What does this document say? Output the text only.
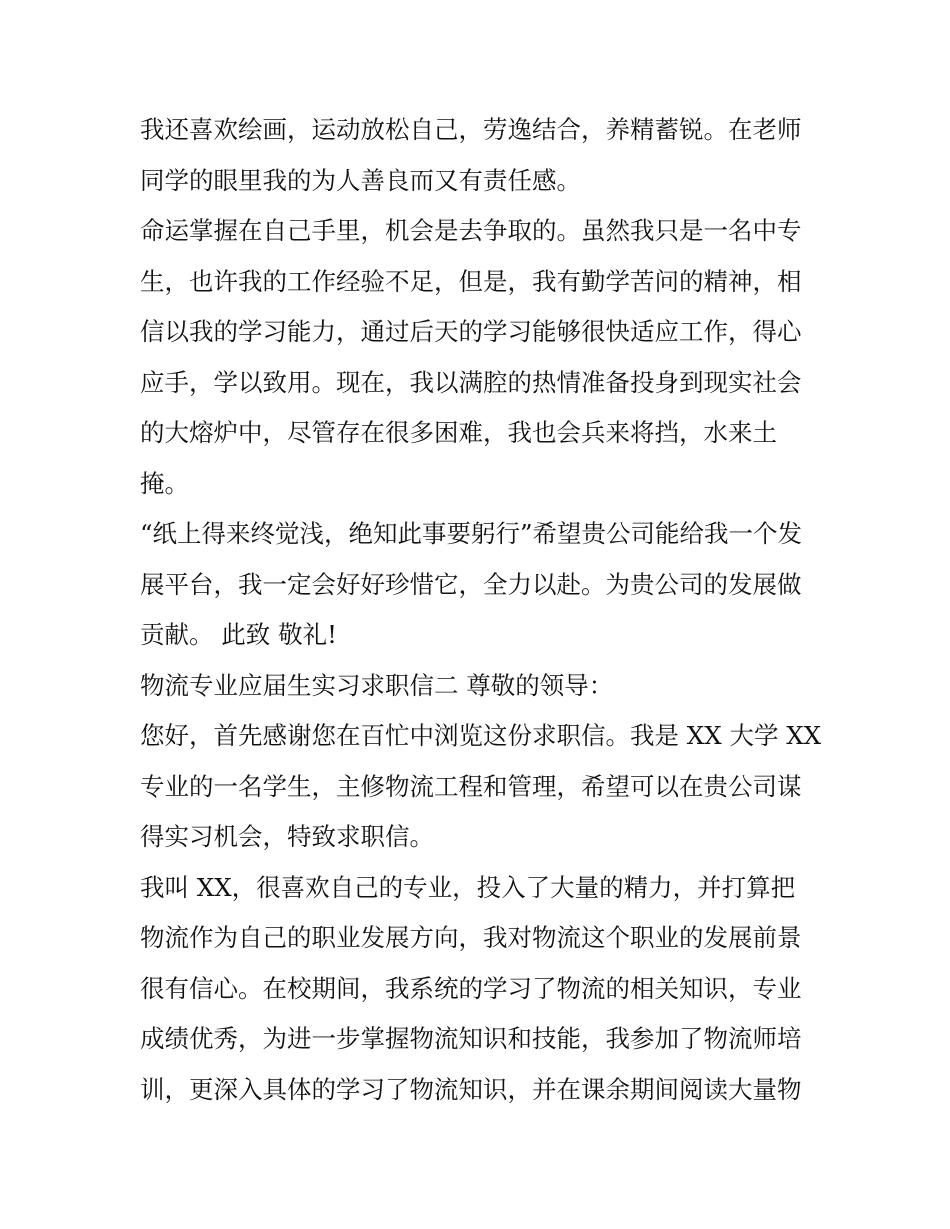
我还喜欢绘画，运动放松自己，劳逸结合，养精蓄锐。在老师
同学的眼里我的为人善良而又有责任感。
命运掌握在自己手里，机会是去争取的。虽然我只是一名中专
生，也许我的工作经验不足，但是，我有勤学苦问的精神，相
信以我的学习能力，通过后天的学习能够很快适应工作，得心
应手，学以致用。现在，我以满腔的热情准备投身到现实社会
的大熔炉中，尽管存在很多困难，我也会兵来将挡，水来土
掩。
“纸上得来终觉浅，绝知此事要躬行”希望贵公司能给我一个发
展平台，我一定会好好珍惜它，全力以赴。为贵公司的发展做
贡献。 此致 敬礼!
物流专业应届生实习求职信二 尊敬的领导：
您好，首先感谢您在百忙中浏览这份求职信。我是 XX 大学 XX
专业的一名学生，主修物流工程和管理，希望可以在贵公司谋
得实习机会，特致求职信。
我叫 XX，很喜欢自己的专业，投入了大量的精力，并打算把
物流作为自己的职业发展方向，我对物流这个职业的发展前景
很有信心。在校期间，我系统的学习了物流的相关知识，专业
成绩优秀，为进一步掌握物流知识和技能，我参加了物流师培
训，更深入具体的学习了物流知识，并在课余期间阅读大量物
